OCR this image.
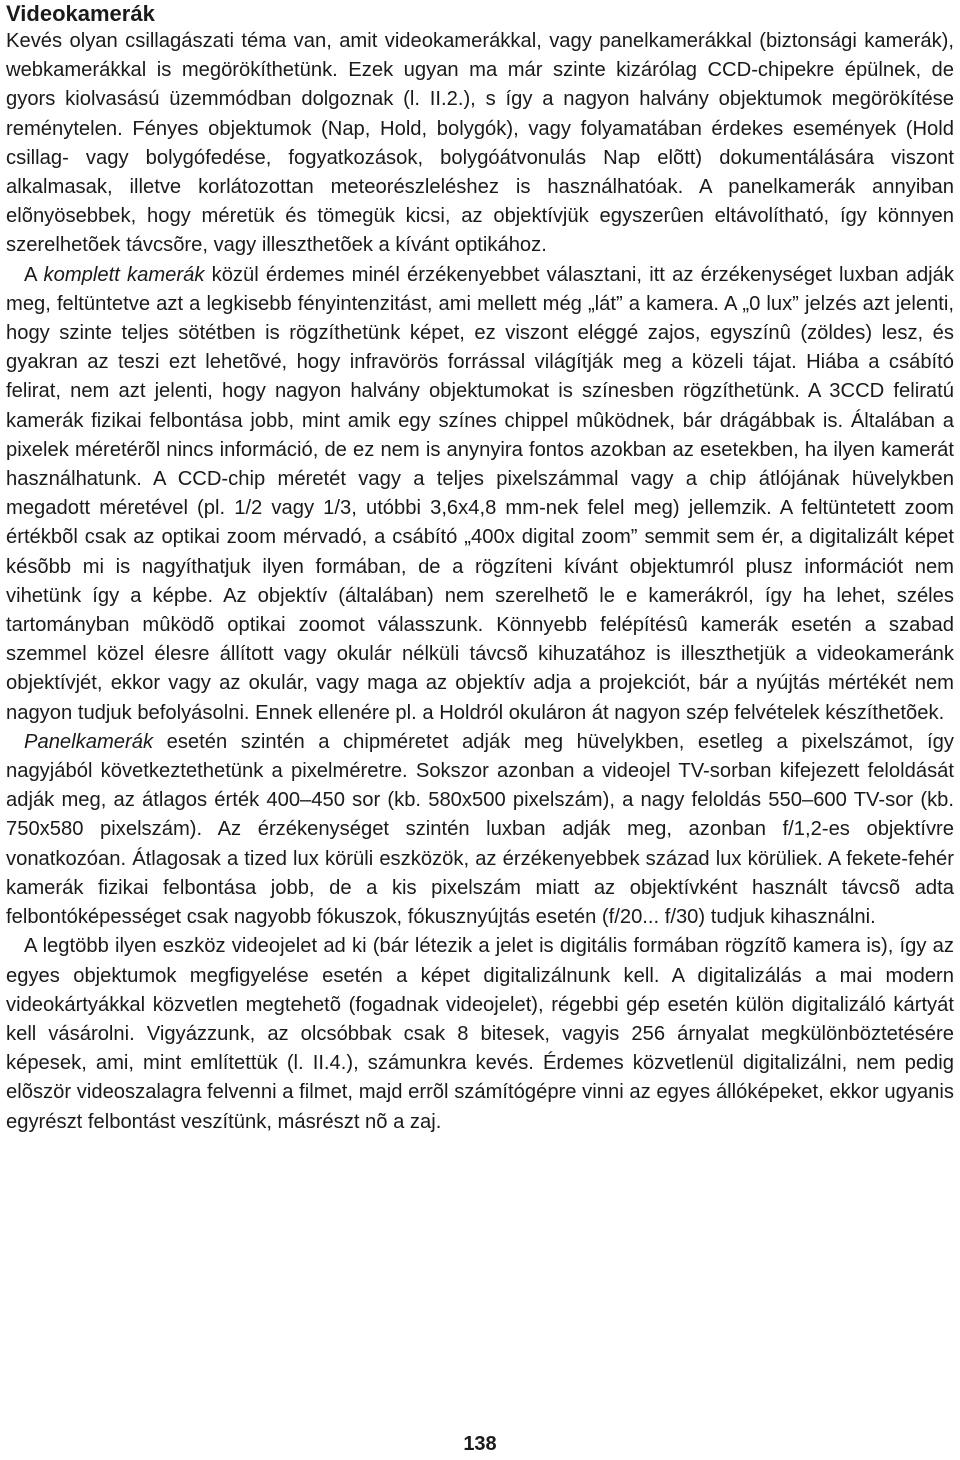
Videokamerák

Kevés olyan csillagászati téma van, amit videokamerákkal, vagy panelkamerákkal (biztonsági kamerák), webkamerákkal is megörökíthetünk. Ezek ugyan ma már szinte kizárólag CCD-chipekre épülnek, de gyors kiolvasású üzemmódban dolgoznak (l. II.2.), s így a nagyon halvány objektumok megörökítése reménytelen. Fényes objektumok (Nap, Hold, bolygók), vagy folyamatában érdekes események (Hold csillag- vagy bolygófedése, fogyatkozások, bolygóátvonulás Nap elõtt) dokumentálására viszont alkalmasak, illetve korlátozottan meteorészleléshez is használhatóak. A panelkamerák annyiban elõnyösebbek, hogy méretük és tömegük kicsi, az objektívjük egyszerûen eltávolítható, így könnyen szerelhetõek távcsõre, vagy illeszthetõek a kívánt optikához.

A komplett kamerák közül érdemes minél érzékenyebbet választani, itt az érzékenységet luxban adják meg, feltüntetve azt a legkisebb fényintenzitást, ami mellett még „lát” a kamera. A „0 lux” jelzés azt jelenti, hogy szinte teljes sötétben is rögzíthetünk képet, ez viszont eléggé zajos, egyszínû (zöldes) lesz, és gyakran az teszi ezt lehetõvé, hogy infravörös forrással világítják meg a közeli tájat. Hiába a csábító felirat, nem azt jelenti, hogy nagyon halvány objektumokat is színesben rögzíthetünk. A 3CCD feliratú kamerák fizikai felbontása jobb, mint amik egy színes chippel mûködnek, bár drágábbak is. Általában a pixelek méretérõl nincs információ, de ez nem is anynyira fontos azokban az esetekben, ha ilyen kamerát használhatunk. A CCD-chip méretét vagy a teljes pixelszámmal vagy a chip átlójának hüvelykben megadott méretével (pl. 1/2 vagy 1/3, utóbbi 3,6x4,8 mm-nek felel meg) jellemzik. A feltüntetett zoom értékbõl csak az optikai zoom mérvadó, a csábító „400x digital zoom” semmit sem ér, a digitalizált képet késõbb mi is nagyíthatjuk ilyen formában, de a rögzíteni kívánt objektumról plusz információt nem vihetünk így a képbe. Az objektív (általában) nem szerelhetõ le e kamerákról, így ha lehet, széles tartományban mûködõ optikai zoomot válasszunk. Könnyebb felépítésû kamerák esetén a szabad szemmel közel élesre állított vagy okulár nélküli távcsõ kihuzatához is illeszthetjük a videokameránk objektívjét, ekkor vagy az okulár, vagy maga az objektív adja a projekciót, bár a nyújtás mértékét nem nagyon tudjuk befolyásolni. Ennek ellenére pl. a Holdról okuláron át nagyon szép felvételek készíthetõek.

Panelkamerák esetén szintén a chipméretet adják meg hüvelykben, esetleg a pixelszámot, így nagyjából következtethetünk a pixelméretre. Sokszor azonban a videojel TV-sorban kifejezett feloldását adják meg, az átlagos érték 400–450 sor (kb. 580x500 pixelszám), a nagy feloldás 550–600 TV-sor (kb. 750x580 pixelszám). Az érzékenységet szintén luxban adják meg, azonban f/1,2-es objektívre vonatkozóan. Átlagosak a tized lux körüli eszközök, az érzékenyebbek század lux körüliek. A fekete-fehér kamerák fizikai felbontása jobb, de a kis pixelszám miatt az objektívként használt távcsõ adta felbontóképességet csak nagyobb fókuszok, fókusznyújtás esetén (f/20... f/30) tudjuk kihasználni.

A legtöbb ilyen eszköz videojelet ad ki (bár létezik a jelet is digitális formában rögzítõ kamera is), így az egyes objektumok megfigyelése esetén a képet digitalizálnunk kell. A digitalizálás a mai modern videokártyákkal közvetlen megtehetõ (fogadnak videojelet), régebbi gép esetén külön digitalizáló kártyát kell vásárolni. Vigyázzunk, az olcsóbbak csak 8 bitesek, vagyis 256 árnyalat megkülönböztetésére képesek, ami, mint említettük (l. II.4.), számunkra kevés. Érdemes közvetlenül digitalizálni, nem pedig elõször videoszalagra felvenni a filmet, majd errõl számítógépre vinni az egyes állóképeket, ekkor ugyanis egyrészt felbontást veszítünk, másrészt nõ a zaj.

138
